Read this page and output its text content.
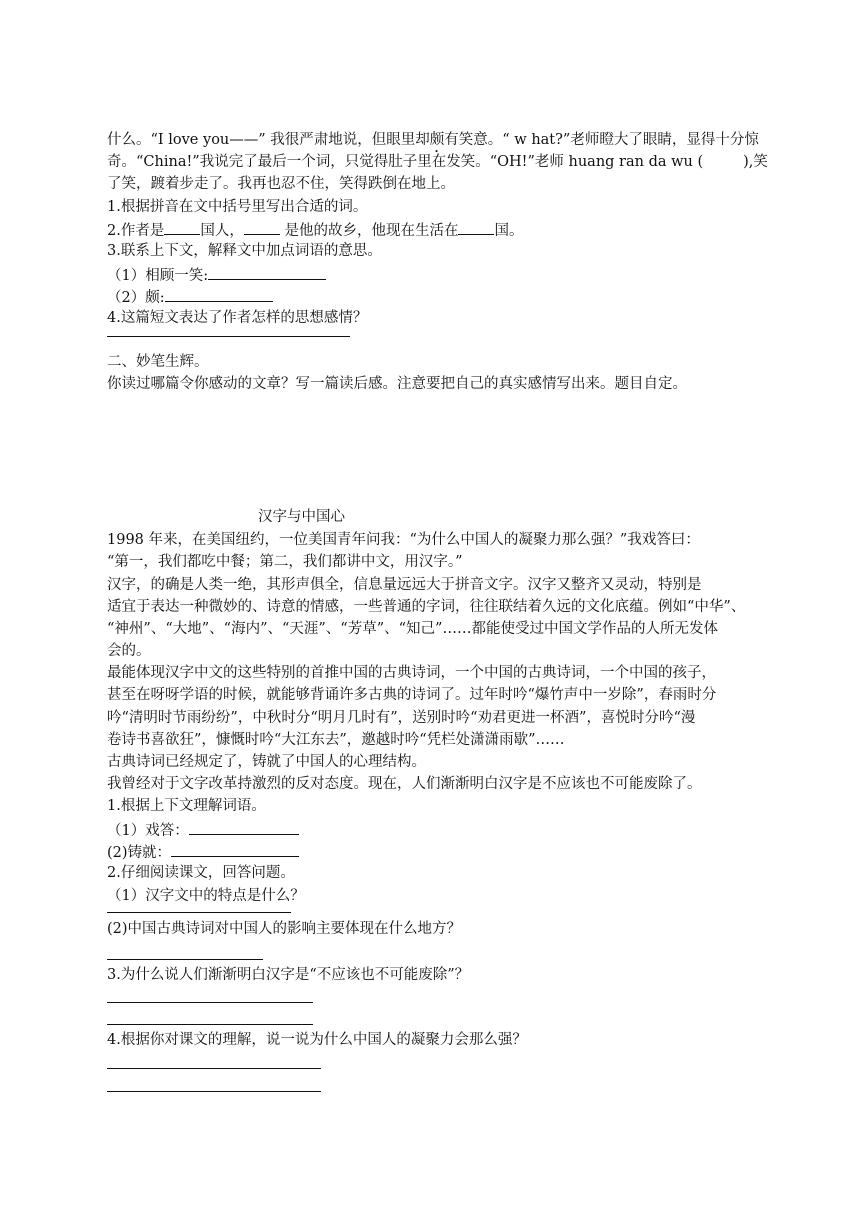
什么。“I love you——” 我很严肃地说，但眼里却颇有笑意。“ w hat?”老师瞪大了眼睛，显得十分惊
奇。“China!”我说完了最后一个词，只觉得肚子里在发笑。“OH!”老师 huang ran da wu (	),笑
了笑，踱着步走了。我再也忍不住，笑得跌倒在地上。
1.根据拼音在文中括号里写出合适的词。
2.作者是 国人， 是他的故乡，他现在生活在 国。
3.联系上下文，解释文中加点词语的意思。
（1）相顾一笑:
（2）颇:
4.这篇短文表达了作者怎样的思想感情？
二、妙笔生辉。
你读过哪篇令你感动的文章？写一篇读后感。注意要把自己的真实感情写出来。题目自定。
汉字与中国心
1998 年来，在美国纽约，一位美国青年问我：“为什么中国人的凝聚力那么强？”我戏答曰：
“第一，我们都吃中餐；第二，我们都讲中文，用汉字。”
汉字，的确是人类一绝，其形声俱全，信息量远远大于拼音文字。汉字又整齐又灵动，特别是
适宜于表达一种微妙的、诗意的情感，一些普通的字词，往往联结着久远的文化底蕴。例如“中华”、
“神州”、“大地”、“海内”、“天涯”、“芳草”、“知己”……都能使受过中国文学作品的人所无发体
会的。
最能体现汉字中文的这些特别的首推中国的古典诗词，一个中国的古典诗词，一个中国的孩子，
甚至在呀呀学语的时候，就能够背诵许多古典的诗词了。过年时吟“爆竹声中一岁除”，春雨时分
吟“清明时节雨纷纷”，中秋时分“明月几时有”，送别时吟“劝君更进一杯酒”，喜悦时分吟“漫
卷诗书喜欲狂”，慷慨时吟“大江东去”，邀越时吟“凭栏处潇潇雨歇”……
古典诗词已经规定了，铸就了中国人的心理结构。
我曾经对于文字改革持激烈的反对态度。现在，人们渐渐明白汉字是不应该也不可能废除了。
1.根据上下文理解词语。
（1）戏答：
(2)铸就：
2.仔细阅读课文，回答问题。
（1）汉字文中的特点是什么？
(2)中国古典诗词对中国人的影响主要体现在什么地方？
3.为什么说人们渐渐明白汉字是“不应该也不可能废除”？
4.根据你对课文的理解，说一说为什么中国人的凝聚力会那么强？
